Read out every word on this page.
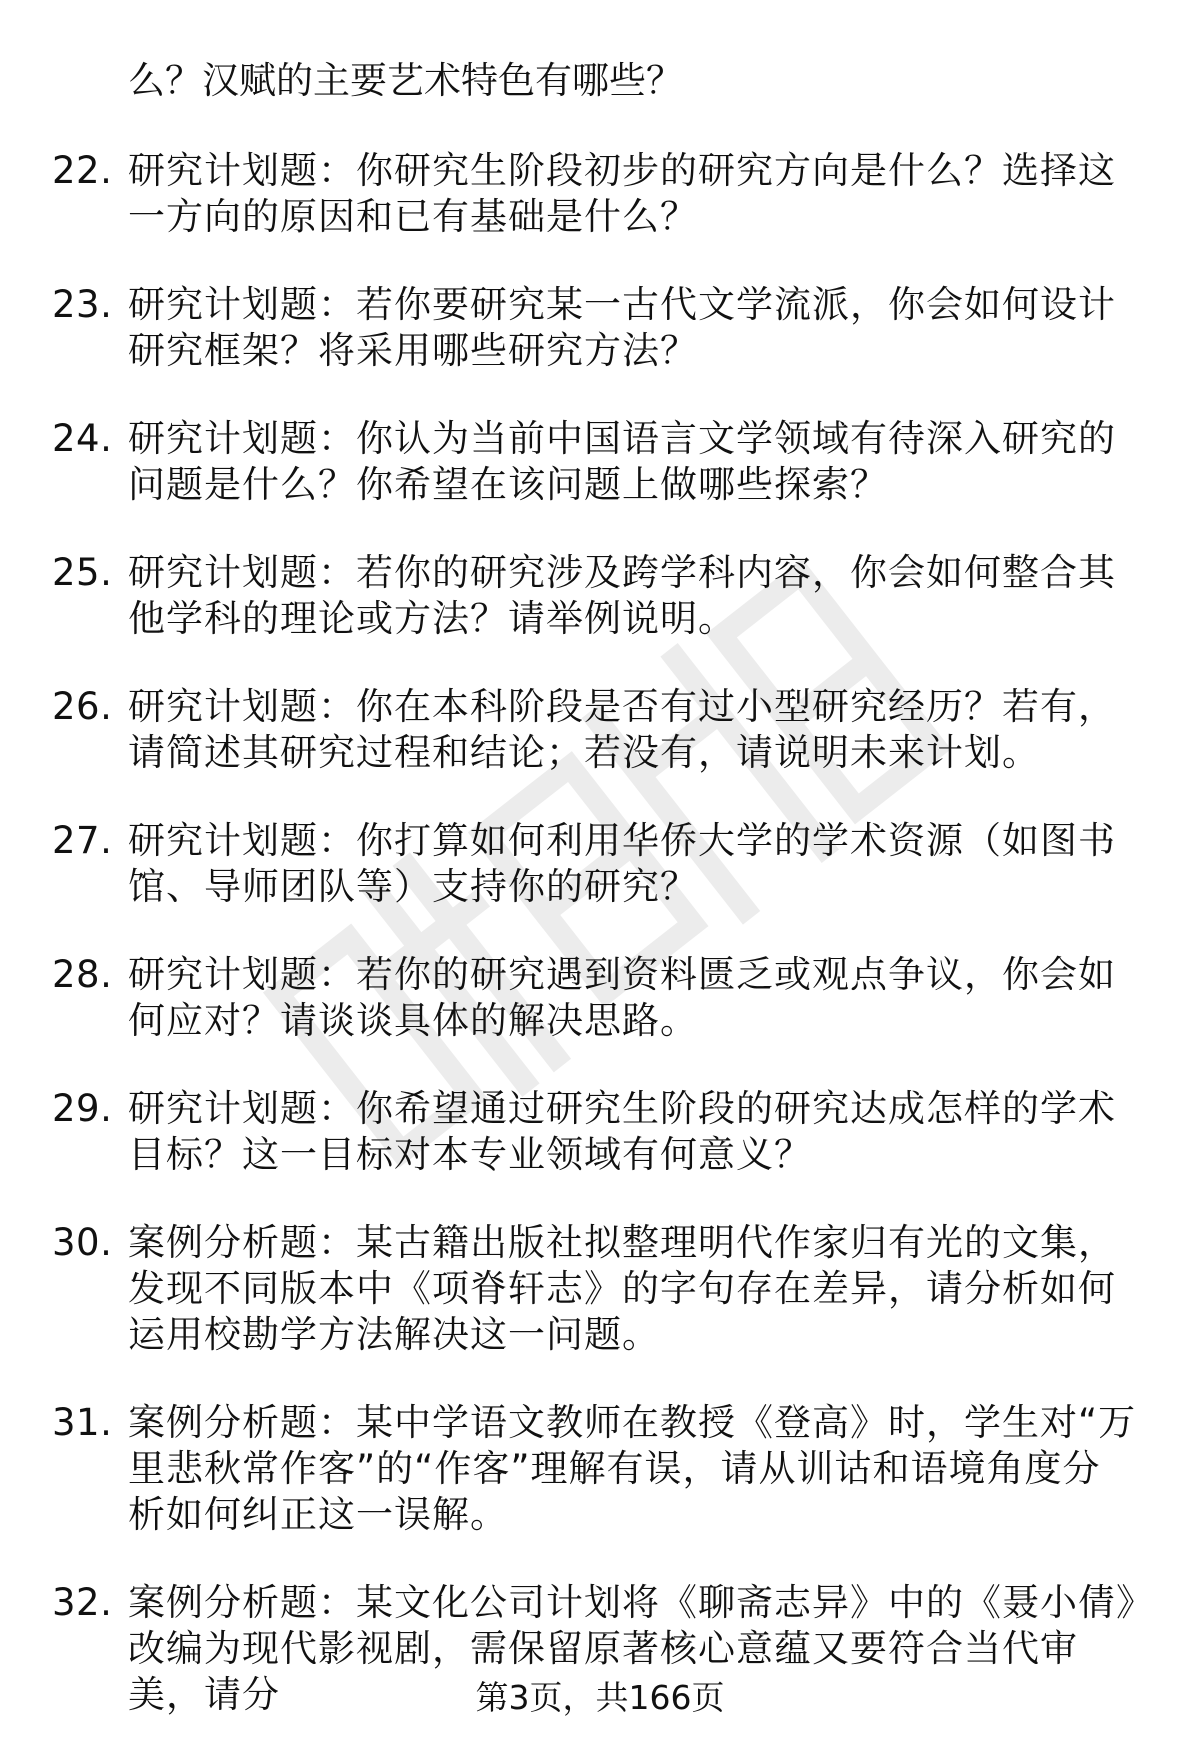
么？汉赋的主要艺术特色有哪些？

22. 研究计划题：你研究生阶段初步的研究方向是什么？选择这一方向的原因和已有基础是什么？
23. 研究计划题：若你要研究某一古代文学流派，你会如何设计研究框架？将采用哪些研究方法？
24. 研究计划题：你认为当前中国语言文学领域有待深入研究的问题是什么？你希望在该问题上做哪些探索？
25. 研究计划题：若你的研究涉及跨学科内容，你会如何整合其他学科的理论或方法？请举例说明。
26. 研究计划题：你在本科阶段是否有过小型研究经历？若有，请简述其研究过程和结论；若没有，请说明未来计划。
27. 研究计划题：你打算如何利用华侨大学的学术资源（如图书馆、导师团队等）支持你的研究？
28. 研究计划题：若你的研究遇到资料匮乏或观点争议，你会如何应对？请谈谈具体的解决思路。
29. 研究计划题：你希望通过研究生阶段的研究达成怎样的学术目标？这一目标对本专业领域有何意义？
30. 案例分析题：某古籍出版社拟整理明代作家归有光的文集，发现不同版本中《项脊轩志》的字句存在差异，请分析如何运用校勘学方法解决这一问题。
31. 案例分析题：某中学语文教师在教授《登高》时，学生对“万里悲秋常作客”的“作客”理解有误，请从训诂和语境角度分析如何纠正这一误解。
32. 案例分析题：某文化公司计划将《聊斋志异》中的《聂小倩》改编为现代影视剧，需保留原著核心意蕴又要符合当代审美，请分	第3页，共166页
